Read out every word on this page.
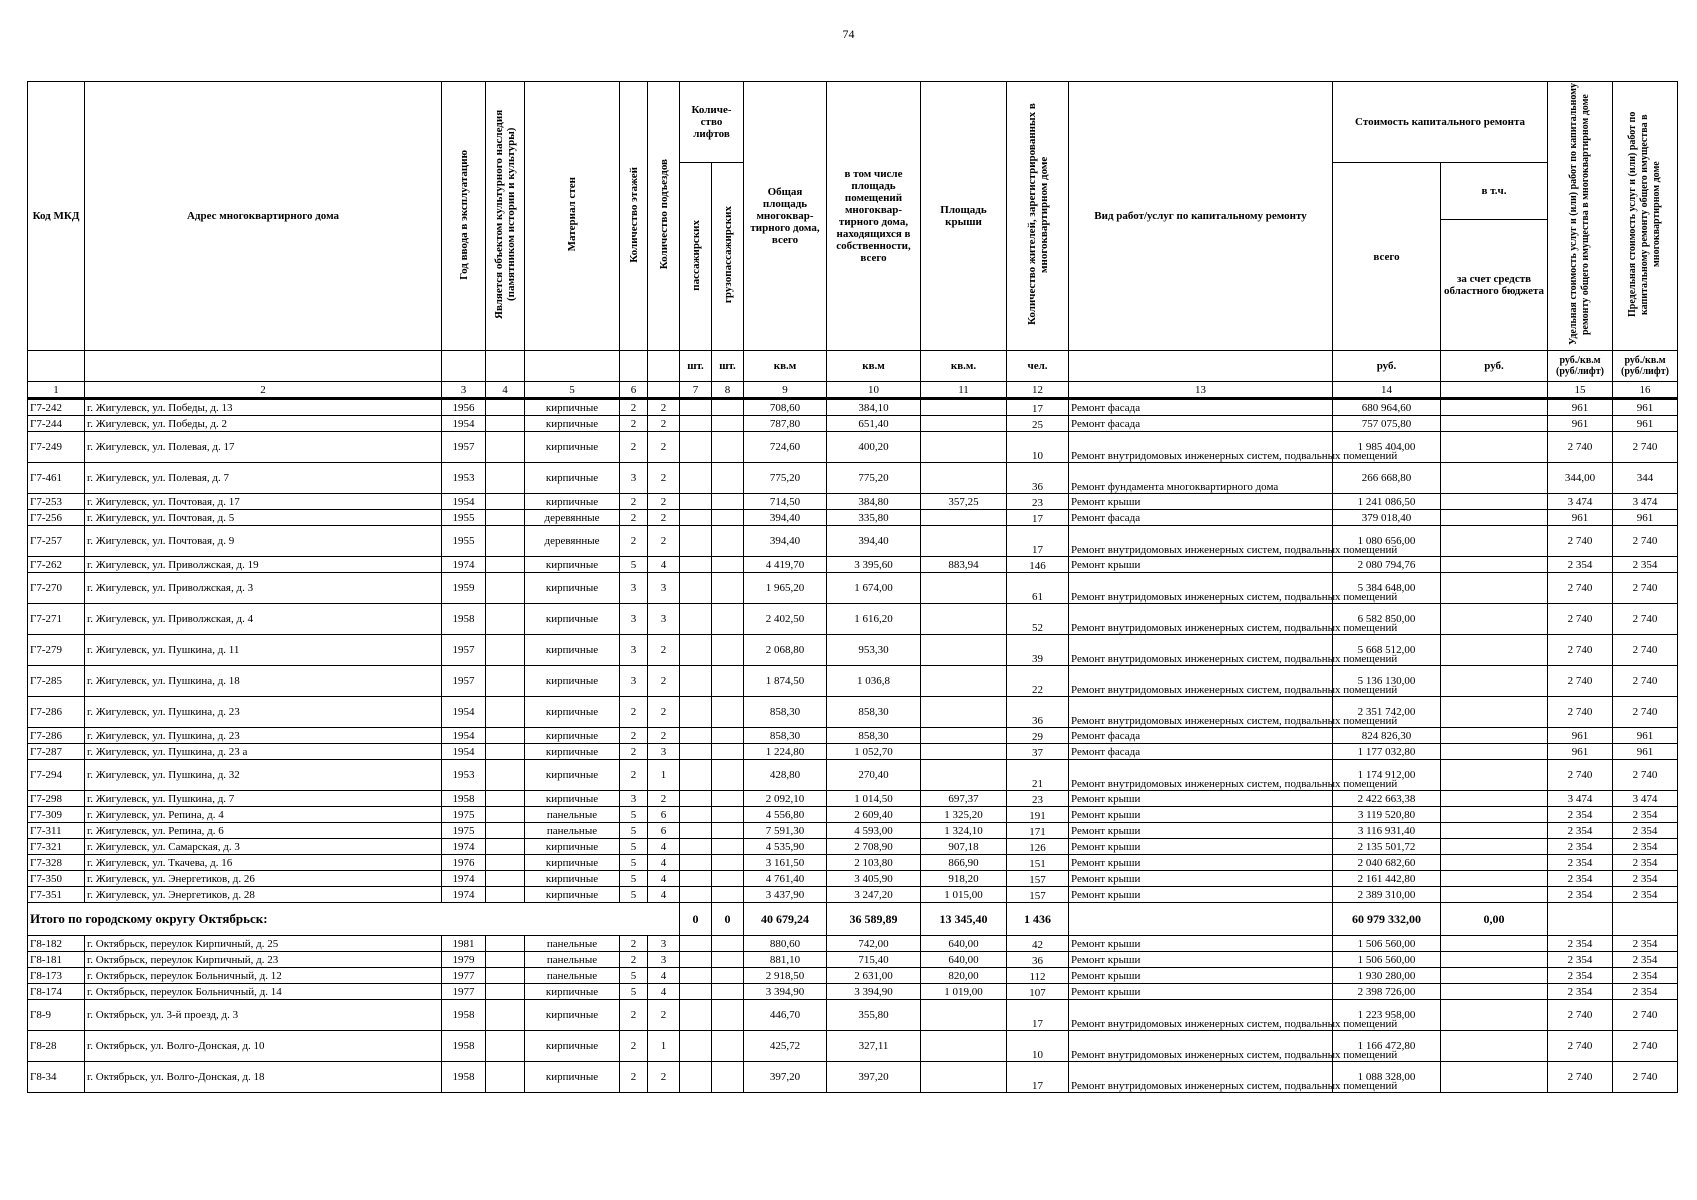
74
Код МКД	Адрес многоквартирного дома	Год ввода в эксплуатацию	Является объектом культурного наследия (памятником истории и культуры)	Материал стен	Количество этажей	Количество подъездов	Количе-ство лифтов		Общая площадь многоквар-тирного дома, всего	в том числе площадь помещений многоквар-тирного дома, находящихся в собственности, всего	Площадь крыши	Количество жителей, зарегистрированных в многоквартирном доме	Вид работ/услуг по капитальному ремонту	Стоимость капитального ремонта		Удельная стоимость услуг и (или) работ по капитальному ремонту общего имущества в многоквартирном доме	Предельная стоимость услуг и (или) работ по капитальному ремонту общего имущества в многоквартирном доме
							пассажирских	грузопассажирских						всего	в т.ч.		
															за счет средств областного бюджета		
							шт.	шт.	кв.м	кв.м	кв.м.	чел.		руб.	руб.	руб./кв.м (руб/лифт)	руб./кв.м (руб/лифт)
1	2	3	4	5	6		7	8	9	10	11	12	13	14		15	16
Г7-242	г. Жигулевск, ул. Победы, д. 13	1956		кирпичные	2	2			708,60	384,10		17	Ремонт фасада	680 964,60		961	961
Г7-244	г. Жигулевск, ул. Победы, д. 2	1954		кирпичные	2	2			787,80	651,40		25	Ремонт фасада	757 075,80		961	961
Г7-249	г. Жигулевск, ул. Полевая, д. 17	1957		кирпичные	2	2			724,60	400,20		10	Ремонт внутридомовых инженерных систем, подвальных помещений	1 985 404,00		2 740	2 740
Г7-461	г. Жигулевск, ул. Полевая, д. 7	1953		кирпичные	3	2			775,20	775,20		36	Ремонт фундамента многоквартирного дома	266 668,80		344,00	344
Г7-253	г. Жигулевск, ул. Почтовая, д. 17	1954		кирпичные	2	2			714,50	384,80	357,25	23	Ремонт крыши	1 241 086,50		3 474	3 474
Г7-256	г. Жигулевск, ул. Почтовая, д. 5	1955		деревянные	2	2			394,40	335,80		17	Ремонт фасада	379 018,40		961	961
Г7-257	г. Жигулевск, ул. Почтовая, д. 9	1955		деревянные	2	2			394,40	394,40		17	Ремонт внутридомовых инженерных систем, подвальных помещений	1 080 656,00		2 740	2 740
Г7-262	г. Жигулевск, ул. Приволжская, д. 19	1974		кирпичные	5	4			4 419,70	3 395,60	883,94	146	Ремонт крыши	2 080 794,76		2 354	2 354
Г7-270	г. Жигулевск, ул. Приволжская, д. 3	1959		кирпичные	3	3			1 965,20	1 674,00		61	Ремонт внутридомовых инженерных систем, подвальных помещений	5 384 648,00		2 740	2 740
Г7-271	г. Жигулевск, ул. Приволжская, д. 4	1958		кирпичные	3	3			2 402,50	1 616,20		52	Ремонт внутридомовых инженерных систем, подвальных помещений	6 582 850,00		2 740	2 740
Г7-279	г. Жигулевск, ул. Пушкина, д. 11	1957		кирпичные	3	2			2 068,80	953,30		39	Ремонт внутридомовых инженерных систем, подвальных помещений	5 668 512,00		2 740	2 740
Г7-285	г. Жигулевск, ул. Пушкина, д. 18	1957		кирпичные	3	2			1 874,50	1 036,8		22	Ремонт внутридомовых инженерных систем, подвальных помещений	5 136 130,00		2 740	2 740
Г7-286	г. Жигулевск, ул. Пушкина, д. 23	1954		кирпичные	2	2			858,30	858,30		36	Ремонт внутридомовых инженерных систем, подвальных помещений	2 351 742,00		2 740	2 740
Г7-286	г. Жигулевск, ул. Пушкина, д. 23	1954		кирпичные	2	2			858,30	858,30		29	Ремонт фасада	824 826,30		961	961
Г7-287	г. Жигулевск, ул. Пушкина, д. 23 а	1954		кирпичные	2	3			1 224,80	1 052,70		37	Ремонт фасада	1 177 032,80		961	961
Г7-294	г. Жигулевск, ул. Пушкина, д. 32	1953		кирпичные	2	1			428,80	270,40		21	Ремонт внутридомовых инженерных систем, подвальных помещений	1 174 912,00		2 740	2 740
Г7-298	г. Жигулевск, ул. Пушкина, д. 7	1958		кирпичные	3	2			2 092,10	1 014,50	697,37	23	Ремонт крыши	2 422 663,38		3 474	3 474
Г7-309	г. Жигулевск, ул. Репина, д. 4	1975		панельные	5	6			4 556,80	2 609,40	1 325,20	191	Ремонт крыши	3 119 520,80		2 354	2 354
Г7-311	г. Жигулевск, ул. Репина, д. 6	1975		панельные	5	6			7 591,30	4 593,00	1 324,10	171	Ремонт крыши	3 116 931,40		2 354	2 354
Г7-321	г. Жигулевск, ул. Самарская, д. 3	1974		кирпичные	5	4			4 535,90	2 708,90	907,18	126	Ремонт крыши	2 135 501,72		2 354	2 354
Г7-328	г. Жигулевск, ул. Ткачева, д. 16	1976		кирпичные	5	4			3 161,50	2 103,80	866,90	151	Ремонт крыши	2 040 682,60		2 354	2 354
Г7-350	г. Жигулевск, ул. Энергетиков, д. 26	1974		кирпичные	5	4			4 761,40	3 405,90	918,20	157	Ремонт крыши	2 161 442,80		2 354	2 354
Г7-351	г. Жигулевск, ул. Энергетиков, д. 28	1974		кирпичные	5	4			3 437,90	3 247,20	1 015,00	157	Ремонт крыши	2 389 310,00		2 354	2 354
Итого по городскому округу Октябрьск:							0	0	40 679,24	36 589,89	13 345,40	1 436		60 979 332,00	0,00		
Г8-182	г. Октябрьск, переулок Кирпичный, д. 25	1981		панельные	2	3			880,60	742,00	640,00	42	Ремонт крыши	1 506 560,00		2 354	2 354
Г8-181	г. Октябрьск, переулок Кирпичный, д. 23	1979		панельные	2	3			881,10	715,40	640,00	36	Ремонт крыши	1 506 560,00		2 354	2 354
Г8-173	г. Октябрьск, переулок Больничный, д. 12	1977		панельные	5	4			2 918,50	2 631,00	820,00	112	Ремонт крыши	1 930 280,00		2 354	2 354
Г8-174	г. Октябрьск, переулок Больничный, д. 14	1977		кирпичные	5	4			3 394,90	3 394,90	1 019,00	107	Ремонт крыши	2 398 726,00		2 354	2 354
Г8-9	г. Октябрьск, ул. 3-й проезд, д. 3	1958		кирпичные	2	2			446,70	355,80		17	Ремонт внутридомовых инженерных систем, подвальных помещений	1 223 958,00		2 740	2 740
Г8-28	г. Октябрьск, ул. Волго-Донская, д. 10	1958		кирпичные	2	1			425,72	327,11		10	Ремонт внутридомовых инженерных систем, подвальных помещений	1 166 472,80		2 740	2 740
Г8-34	г. Октябрьск, ул. Волго-Донская, д. 18	1958		кирпичные	2	2			397,20	397,20		17	Ремонт внутридомовых инженерных систем, подвальных помещений	1 088 328,00		2 740	2 740
